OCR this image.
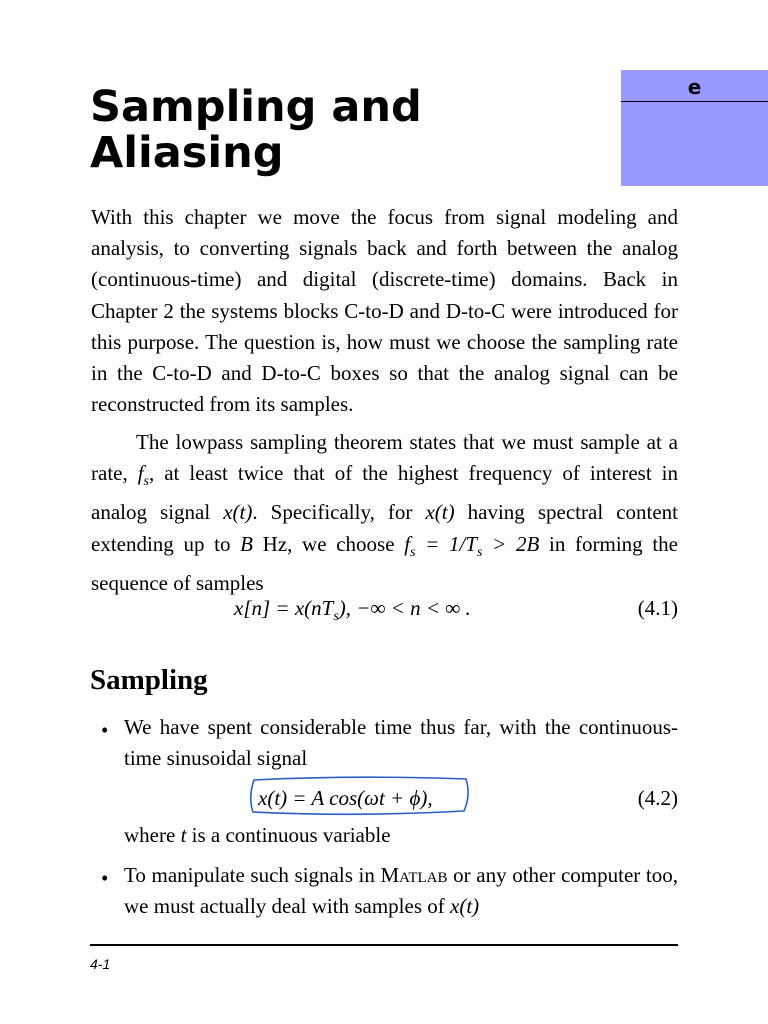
e
Sampling and
Aliasing

With this chapter we move the focus from signal modeling and analysis, to converting signals back and forth between the analog (continuous-time) and digital (discrete-time) domains. Back in Chapter 2 the systems blocks C-to-D and D-to-C were introduced for this purpose. The question is, how must we choose the sampling rate in the C-to-D and D-to-C boxes so that the analog signal can be reconstructed from its samples.

The lowpass sampling theorem states that we must sample at a rate, $f_s$, at least twice that of the highest frequency of interest in analog signal x(t). Specifically, for x(t) having spectral content extending up to B Hz, we choose $f_s = 1/T_s > 2B$ in forming the sequence of samples

$x[n] = x(nT_s)$, −∞ < n < ∞ .	(4.1)
Sampling
• We have spent considerable time thus far, with the continuous-time sinusoidal signal

x(t) = A cos(ωt + ϕ),	(4.2)
where t is a continuous variable
• To manipulate such signals in Matlab or any other computer too, we must actually deal with samples of x(t)

4-1
